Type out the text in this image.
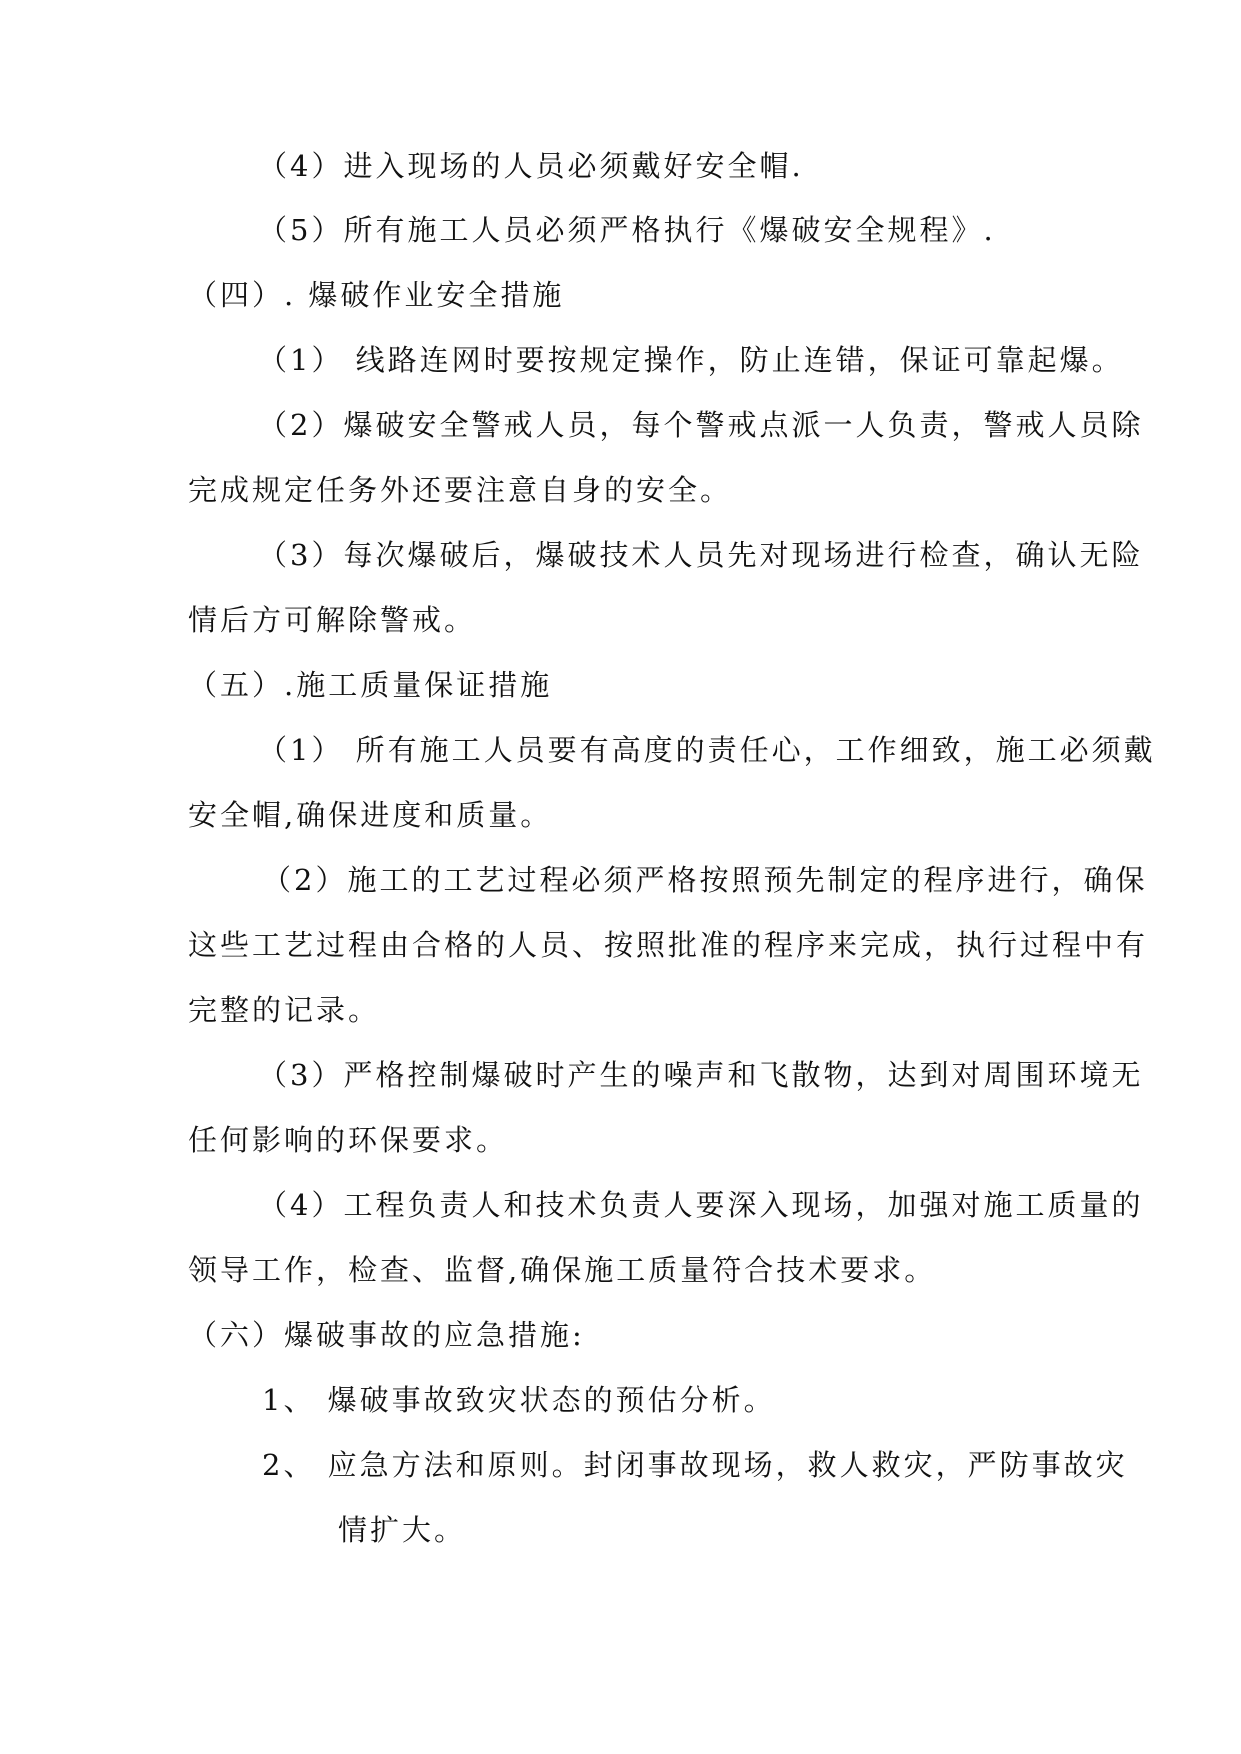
（4）进入现场的人员必须戴好安全帽.
（5）所有施工人员必须严格执行《爆破安全规程》.
（四）. 爆破作业安全措施
（1） 线路连网时要按规定操作，防止连错，保证可靠起爆。
（2）爆破安全警戒人员，每个警戒点派一人负责，警戒人员除
完成规定任务外还要注意自身的安全。
（3）每次爆破后，爆破技术人员先对现场进行检查，确认无险
情后方可解除警戒。
（五）.施工质量保证措施
（1） 所有施工人员要有高度的责任心，工作细致，施工必须戴
安全帽,确保进度和质量。
（2）施工的工艺过程必须严格按照预先制定的程序进行，确保
这些工艺过程由合格的人员、按照批准的程序来完成，执行过程中有
完整的记录。
（3）严格控制爆破时产生的噪声和飞散物，达到对周围环境无
任何影响的环保要求。
（4）工程负责人和技术负责人要深入现场，加强对施工质量的
领导工作，检查、监督,确保施工质量符合技术要求。
（六）爆破事故的应急措施:
1、 爆破事故致灾状态的预估分析。
2、 应急方法和原则。封闭事故现场，救人救灾，严防事故灾
情扩大。
